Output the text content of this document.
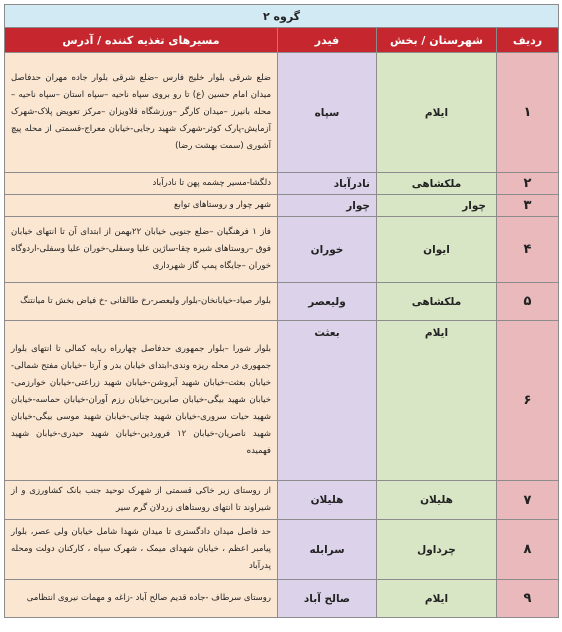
گروه ۲			
ردیف	شهرستان / بخش	فیدر	مسیرهای تغذیه کننده / آدرس
۱	ایلام	سپاه	ضلع شرقی بلوار خلیج فارس –ضلع شرقی بلوار جاده مهران حدفاصل میدان امام حسین (ع) تا رو بروی سپاه ناحیه –سپاه استان –سپاه ناحیه –محله بانیرز –میدان کارگر –ورزشگاه قلاویزان –مرکز تعویض پلاک-شهرک آزمایش-پارک کوثر-شهرک شهید رجایی-خیابان معراج-قسمتی از محله پیچ آشوری (سمت بهشت رضا)
۲	ملکشاهی	نادرآباد	دلگشا-مسیر چشمه پهن تا نادرآباد
۳	چوار	چوار	شهر چوار و روستاهای توابع
۴	ایوان	خوران	فاز ۱ فرهنگیان –ضلع جنوبی خیابان ۲۲بهمن از ابتدای آن تا انتهای خیابان فوق –روستاهای شیره چقا-ساژین علیا وسفلی-خوران علیا وسفلی-اردوگاه خوران –جایگاه پمپ گاز شهرداری
۵	ملکشاهی	ولیعصر	بلوار صیاد-خیابانخان-بلوار ولیعصر-رخ طالقانی -خ فیاض بخش تا میانتنگ
۶	ایلام	بعثت	بلوار شورا –بلوار جمهوری حدفاصل چهارراه ریایه کمالی تا انتهای بلوار جمهوری در محله ریزه وندی-ابتدای خیابان بدر و آرتا –خیابان مفتح شمالی-خیابان بعثت-خیابان شهید آیروشن-خیابان شهید زراعتی-خیابان خوارزمی-خیابان شهید بیگی-خیابان صابرین-خیابان رزم آوران-خیابان حماسه-خیابان شهید حیات سروری-خیابان شهید چنانی-خیابان شهید موسی بیگی-خیابان شهید ناصریان-خیابان ۱۲ فروردین-خیابان شهید حیدری-خیابان شهید فهمیده
۷	هلیلان	هلیلان	از روستای زیر خاکی قسمتی از شهرک توحید جنب بانک کشاورزی و از شیراوند تا انتهای روستاهای زردلان گرم سیر
۸	چرداول	سرابله	حد فاصل میدان دادگستری تا میدان شهدا شامل خیابان ولی عصر، بلوار پیامبر اعظم ، خیابان شهدای میمک ، شهرک سپاه ، کارکنان دولت ومحله پدرآباد
۹	ایلام	صالح آباد	روستای سرطاف -جاده قدیم صالح آباد -زاغه و مهمات نیروی انتظامی
